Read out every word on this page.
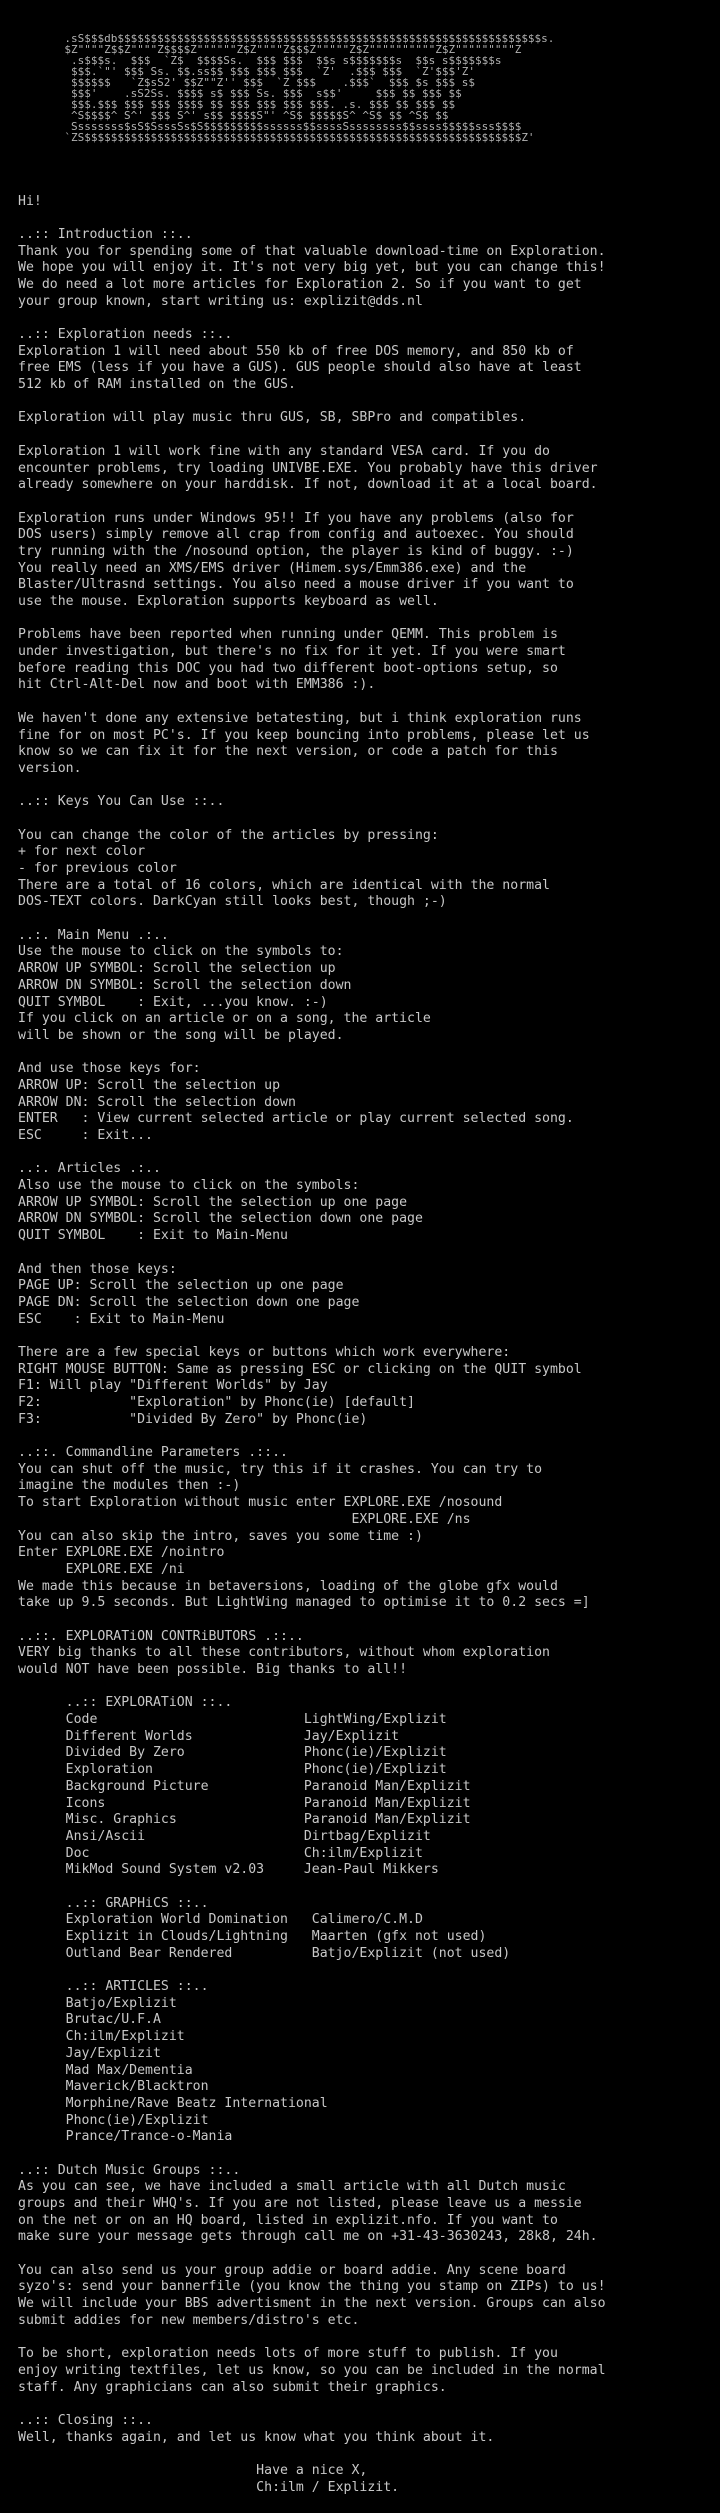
.sS$$$db$$$$$$$$$$$$$$$$$$$$$$$$$$$$$$$$$$$$$$$$$$$$$$$$$$$$$$$$$$$$$$$$s.
$Z""""Z$$Z""""Z$$$$Z""""""Z$Z""""Z$$$Z"""""Z$Z""""""""""Z$Z"""""""""Z
.s$$$s.  $$$  `Z$  $$$$Ss.  $$$ $$$  $$s s$$$$$$$s  $$s s$$$$$$$s
$$$.`"' $$$ Ss. $$.ss$$ $$$ $$$ $$$  `Z'  .$$$ $$$  `Z'$$$'Z'
$$$$$$   `Z$sS2' $$Z""Z'' $$$  `Z $$$    .$$$`  $$$ $s $$$ s$
$$$'    .sS2Ss. $$$$ s$ $$$ Ss. $$$  s$$'     $$$ $$ $$$ $$
$$$.$$$ $$$ $$$ $$$$ $$ $$$ $$$ $$$ $$$. .s. $$$ $$ $$$ $$
^S$$$$^ S^' $$$ S^' s$$ $$$$S"' ^S$ $$$$$S^ ^S$ $$ ^S$ $$
Ssssssss$sS$SsssSs$S$$$$$$$$$ssssss$$ssssSssssssss$$ssss$$$$$sss$$$$
`ZS$$$$$$$$$$$$$$$$$$$$$$$$$$$$$$$$$$$$$$$$$$$$$$$$$$$$$$$$$$$$$$$$$$Z'

Hi!
..:: Introduction ::..
Thank you for spending some of that valuable download-time on Exploration.
We hope you will enjoy it. It's not very big yet, but you can change this!
We do need a lot more articles for Exploration 2. So if you want to get
your group known, start writing us: explizit@dds.nl
..:: Exploration needs ::..
Exploration 1 will need about 550 kb of free DOS memory, and 850 kb of
free EMS (less if you have a GUS). GUS people should also have at least
512 kb of RAM installed on the GUS.
Exploration will play music thru GUS, SB, SBPro and compatibles.
Exploration 1 will work fine with any standard VESA card. If you do
encounter problems, try loading UNIVBE.EXE. You probably have this driver
already somewhere on your harddisk. If not, download it at a local board.
Exploration runs under Windows 95!! If you have any problems (also for
DOS users) simply remove all crap from config and autoexec. You should
try running with the /nosound option, the player is kind of buggy. :-)
You really need an XMS/EMS driver (Himem.sys/Emm386.exe) and the
Blaster/Ultrasnd settings. You also need a mouse driver if you want to
use the mouse. Exploration supports keyboard as well.
Problems have been reported when running under QEMM. This problem is
under investigation, but there's no fix for it yet. If you were smart
before reading this DOC you had two different boot-options setup, so
hit Ctrl-Alt-Del now and boot with EMM386 :).
We haven't done any extensive betatesting, but i think exploration runs
fine for on most PC's. If you keep bouncing into problems, please let us
know so we can fix it for the next version, or code a patch for this
version.
..:: Keys You Can Use ::..
You can change the color of the articles by pressing:
+ for next color
- for previous color
There are a total of 16 colors, which are identical with the normal
DOS-TEXT colors. DarkCyan still looks best, though ;-)
..:. Main Menu .:..
Use the mouse to click on the symbols to:
ARROW UP SYMBOL: Scroll the selection up
ARROW DN SYMBOL: Scroll the selection down
QUIT SYMBOL    : Exit, ...you know. :-)
If you click on an article or on a song, the article
will be shown or the song will be played.
And use those keys for:
ARROW UP: Scroll the selection up
ARROW DN: Scroll the selection down
ENTER   : View current selected article or play current selected song.
ESC     : Exit...
..:. Articles .:..
Also use the mouse to click on the symbols:
ARROW UP SYMBOL: Scroll the selection up one page
ARROW DN SYMBOL: Scroll the selection down one page
QUIT SYMBOL    : Exit to Main-Menu
And then those keys:
PAGE UP: Scroll the selection up one page
PAGE DN: Scroll the selection down one page
ESC    : Exit to Main-Menu
There are a few special keys or buttons which work everywhere:
RIGHT MOUSE BUTTON: Same as pressing ESC or clicking on the QUIT symbol
F1: Will play "Different Worlds" by Jay
F2:           "Exploration" by Phonc(ie) [default]
F3:           "Divided By Zero" by Phonc(ie)
..::. Commandline Parameters .::..
You can shut off the music, try this if it crashes. You can try to
imagine the modules then :-)
To start Exploration without music enter EXPLORE.EXE /nosound
EXPLORE.EXE /ns
You can also skip the intro, saves you some time :)
Enter EXPLORE.EXE /nointro
EXPLORE.EXE /ni
We made this because in betaversions, loading of the globe gfx would
take up 9.5 seconds. But LightWing managed to optimise it to 0.2 secs =]
..::. EXPLORATiON CONTRiBUTORS .::..
VERY big thanks to all these contributors, without whom exploration
would NOT have been possible. Big thanks to all!!
..:: EXPLORATiON ::..
Code                          LightWing/Explizit
Different Worlds              Jay/Explizit
Divided By Zero               Phonc(ie)/Explizit
Exploration                   Phonc(ie)/Explizit
Background Picture            Paranoid Man/Explizit
Icons                         Paranoid Man/Explizit
Misc. Graphics                Paranoid Man/Explizit
Ansi/Ascii                    Dirtbag/Explizit
Doc                           Ch:ilm/Explizit
MikMod Sound System v2.03     Jean-Paul Mikkers
..:: GRAPHiCS ::..
Exploration World Domination   Calimero/C.M.D
Explizit in Clouds/Lightning   Maarten (gfx not used)
Outland Bear Rendered          Batjo/Explizit (not used)
..:: ARTICLES ::..
Batjo/Explizit
Brutac/U.F.A
Ch:ilm/Explizit
Jay/Explizit
Mad Max/Dementia
Maverick/Blacktron
Morphine/Rave Beatz International
Phonc(ie)/Explizit
Prance/Trance-o-Mania
..:: Dutch Music Groups ::..
As you can see, we have included a small article with all Dutch music
groups and their WHQ's. If you are not listed, please leave us a messie
on the net or on an HQ board, listed in explizit.nfo. If you want to
make sure your message gets through call me on +31-43-3630243, 28k8, 24h.
You can also send us your group addie or board addie. Any scene board
syzo's: send your bannerfile (you know the thing you stamp on ZIPs) to us!
We will include your BBS advertisment in the next version. Groups can also
submit addies for new members/distro's etc.
To be short, exploration needs lots of more stuff to publish. If you
enjoy writing textfiles, let us know, so you can be included in the normal
staff. Any graphicians can also submit their graphics.
..:: Closing ::..
Well, thanks again, and let us know what you think about it.
Have a nice X,
Ch:ilm / Explizit.
